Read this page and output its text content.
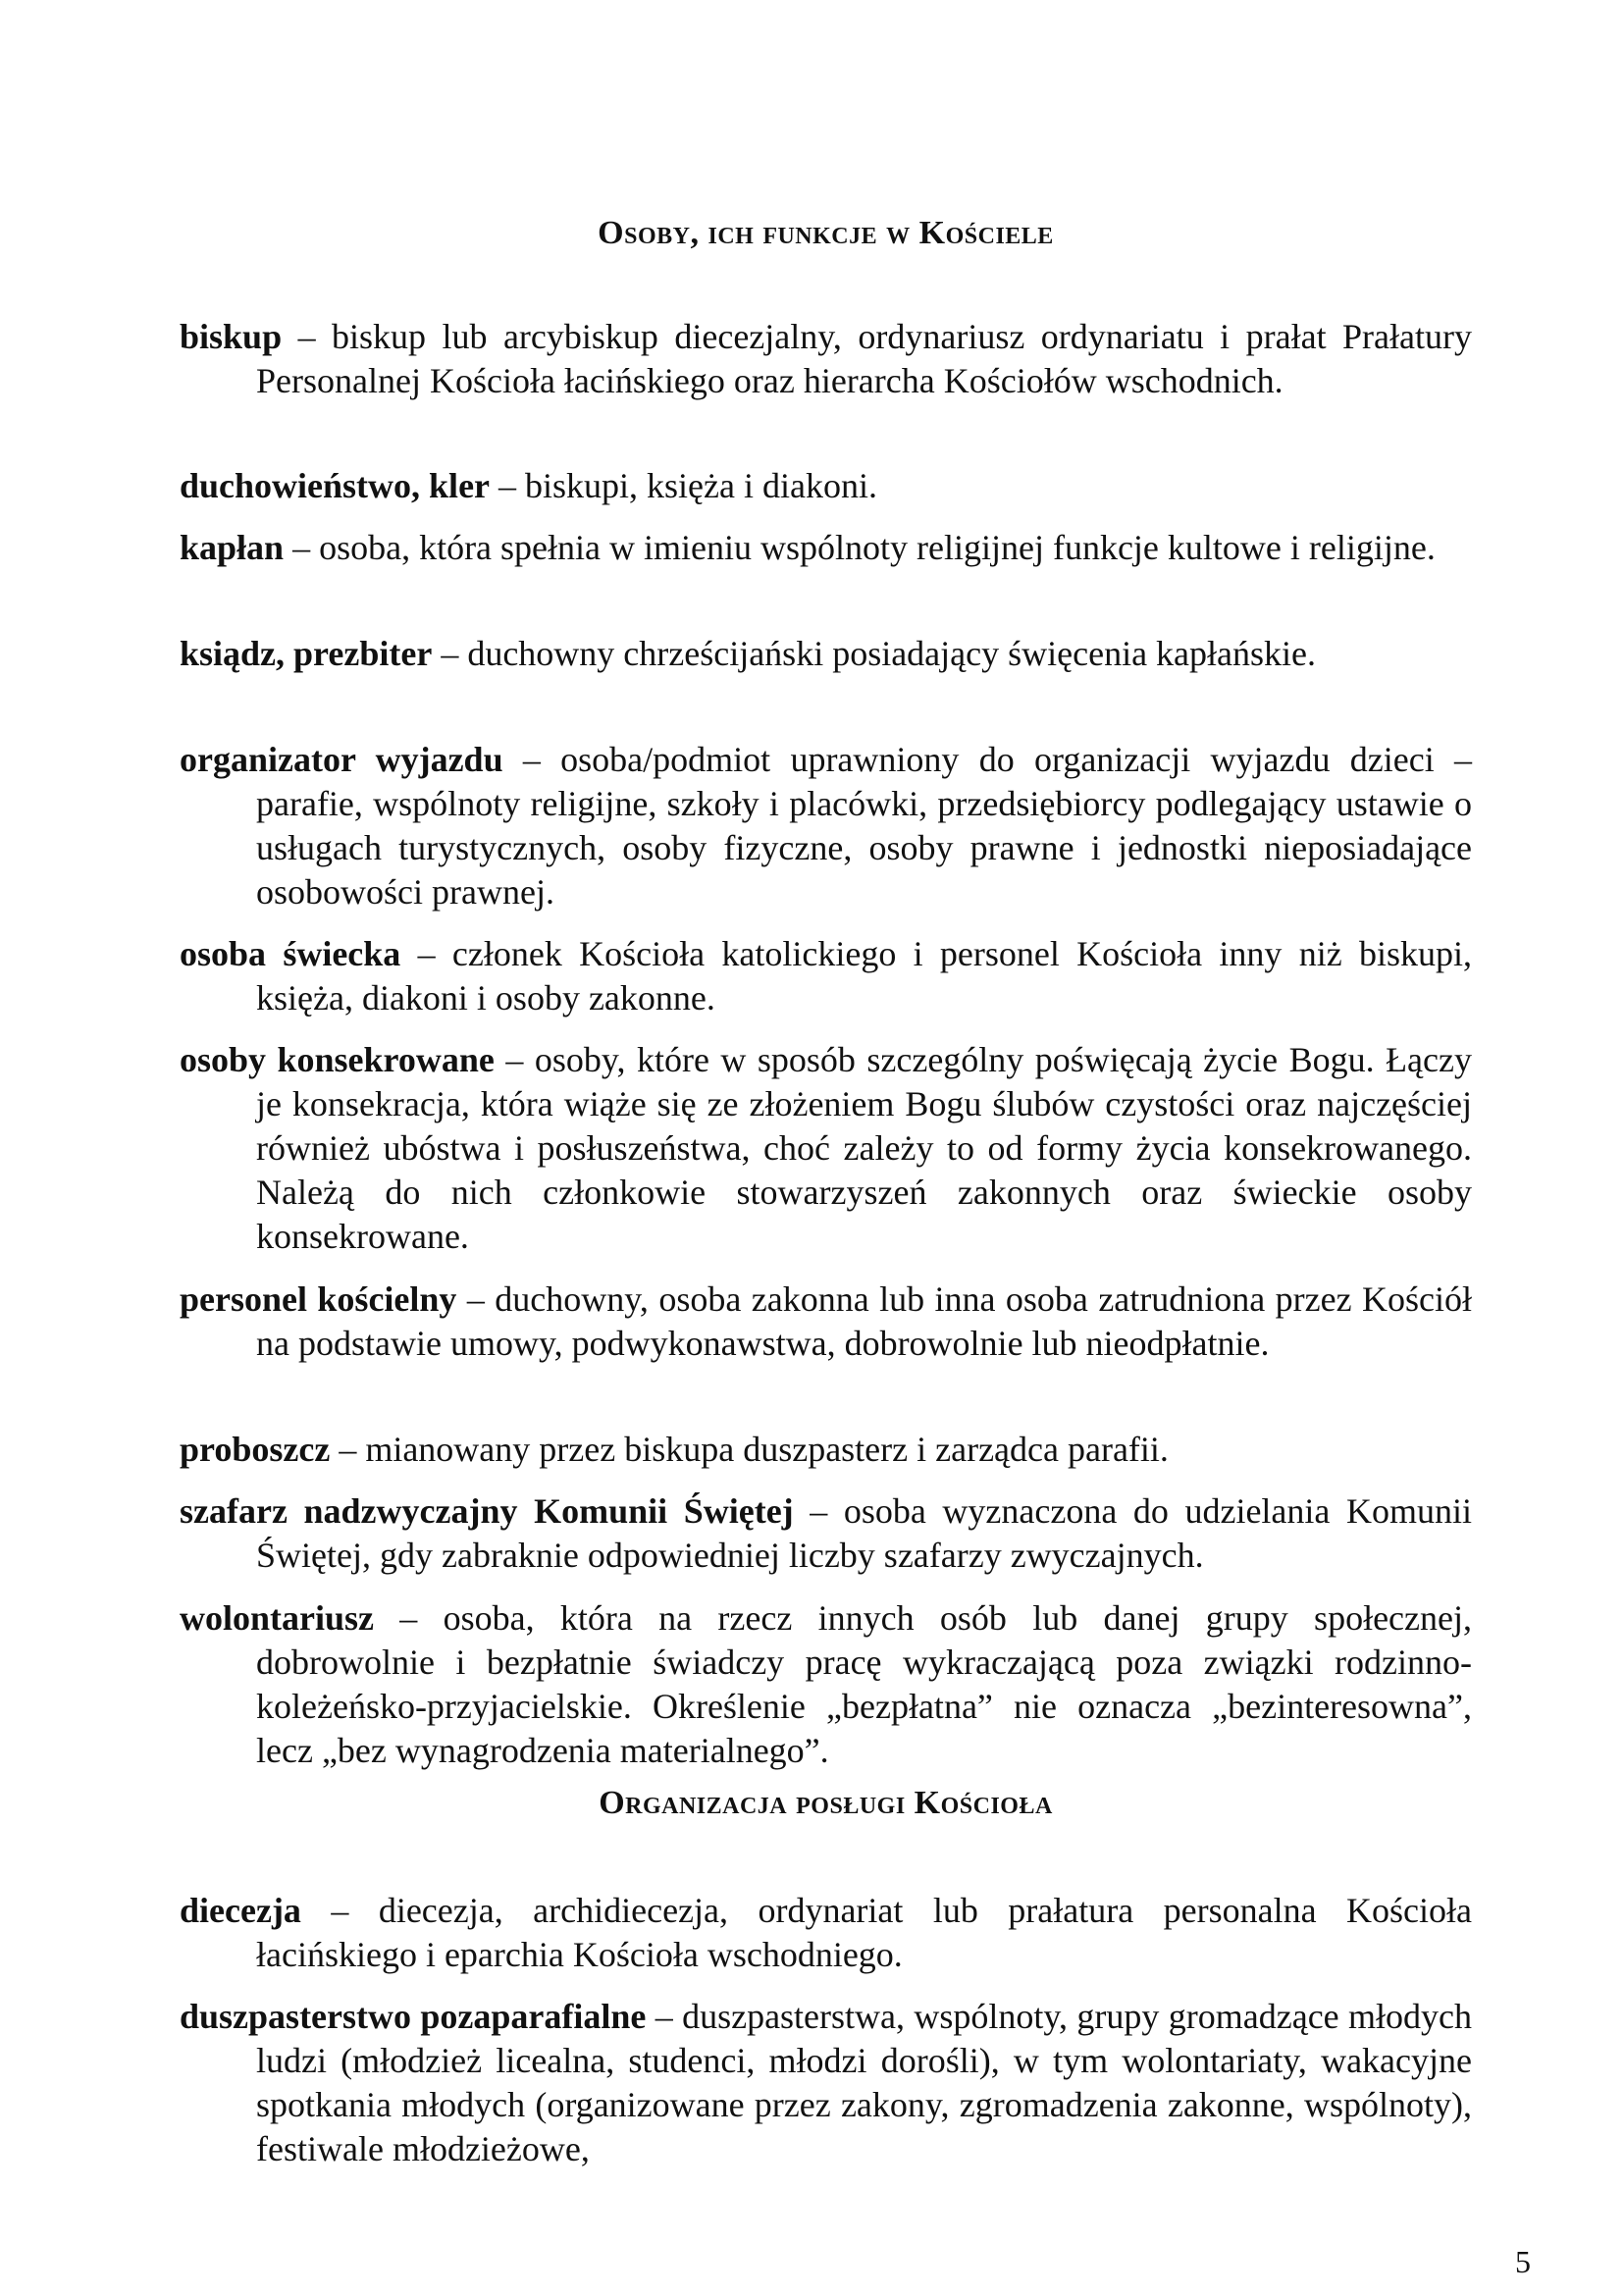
Osoby, ich funkcje w Kościele

biskup – biskup lub arcybiskup diecezjalny, ordynariusz ordynariatu i prałat Prałatury Personalnej Kościoła łacińskiego oraz hierarcha Kościołów wschodnich.

duchowieństwo, kler – biskupi, księża i diakoni.

kapłan – osoba, która spełnia w imieniu wspólnoty religijnej funkcje kultowe i religijne.

ksiądz, prezbiter – duchowny chrześcijański posiadający święcenia kapłańskie.

organizator wyjazdu – osoba/podmiot uprawniony do organizacji wyjazdu dzieci – parafie, wspólnoty religijne, szkoły i placówki, przedsiębiorcy podlegający ustawie o usługach turystycznych, osoby fizyczne, osoby prawne i jednostki nieposiadające osobowości prawnej.

osoba świecka – członek Kościoła katolickiego i personel Kościoła inny niż biskupi, księża, diakoni i osoby zakonne.

osoby konsekrowane – osoby, które w sposób szczególny poświęcają życie Bogu. Łączy je konsekracja, która wiąże się ze złożeniem Bogu ślubów czystości oraz najczęściej również ubóstwa i posłuszeństwa, choć zależy to od formy życia konsekrowanego. Należą do nich członkowie stowarzyszeń zakonnych oraz świeckie osoby konsekrowane.

personel kościelny – duchowny, osoba zakonna lub inna osoba zatrudniona przez Kościół na podstawie umowy, podwykonawstwa, dobrowolnie lub nieodpłatnie.

proboszcz – mianowany przez biskupa duszpasterz i zarządca parafii.

szafarz nadzwyczajny Komunii Świętej – osoba wyznaczona do udzielania Komunii Świętej, gdy zabraknie odpowiedniej liczby szafarzy zwyczajnych.

wolontariusz – osoba, która na rzecz innych osób lub danej grupy społecznej, dobrowolnie i bezpłatnie świadczy pracę wykraczającą poza związki rodzinno-koleżeńsko-przyjacielskie. Określenie „bezpłatna” nie oznacza „bezinteresowna”, lecz „bez wynagrodzenia materialnego”.

Organizacja posługi Kościoła

diecezja – diecezja, archidiecezja, ordynariat lub prałatura personalna Kościoła łacińskiego i eparchia Kościoła wschodniego.

duszpasterstwo pozaparafialne – duszpasterstwa, wspólnoty, grupy gromadzące młodych ludzi (młodzież licealna, studenci, młodzi dorośli), w tym wolontariaty, wakacyjne spotkania młodych (organizowane przez zakony, zgromadzenia zakonne, wspólnoty), festiwale młodzieżowe,

5
